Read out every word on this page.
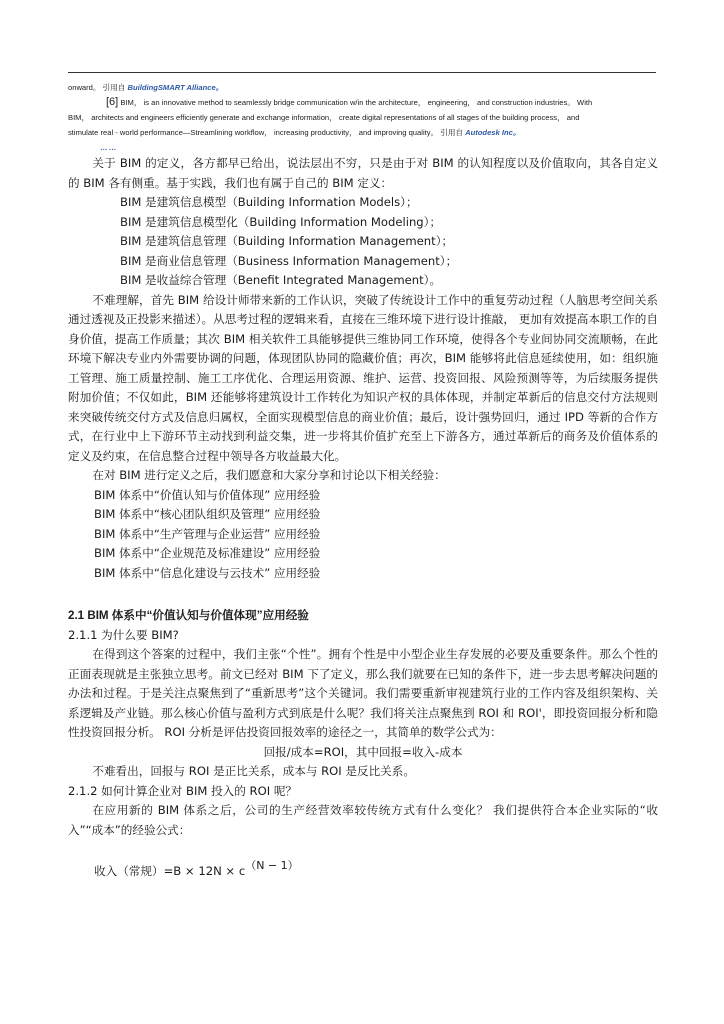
onward。 引用自 BuildingSMART Alliance。
[6] BIM， is an innovative method to seamlessly bridge communication w/in the architecture， engineering， and construction industries。 With
BIM， architects and engineers efficiently generate and exchange information， create digital representations of all stages of the building process， and
stimulate real - world performance—Streamlining workflow， increasing productivity， and improving quality。 引用自 Autodesk Inc。
……

关于 BIM 的定义，各方都早已给出，说法层出不穷，只是由于对 BIM 的认知程度以及价值取向，其各自定义的 BIM 各有侧重。基于实践，我们也有属于自己的 BIM 定义：

BIM 是建筑信息模型（Building Information Models）；
BIM 是建筑信息模型化（Building Information Modeling）；
BIM 是建筑信息管理（Building Information Management）；
BIM 是商业信息管理（Business Information Management）；
BIM 是收益综合管理（Benefit Integrated Management）。

不难理解，首先 BIM 给设计师带来新的工作认识，突破了传统设计工作中的重复劳动过程（人脑思考空间关系通过透视及正投影来描述）。从思考过程的逻辑来看，直接在三维环境下进行设计推敲， 更加有效提高本职工作的自身价值，提高工作质量；其次 BIM 相关软件工具能够提供三维协同工作环境，使得各个专业间协同交流顺畅，在此环境下解决专业内外需要协调的问题，体现团队协同的隐藏价值；再次，BIM 能够将此信息延续使用，如：组织施工管理、施工质量控制、施工工序优化、合理运用资源、维护、运营、投资回报、风险预测等等，为后续服务提供附加价值；不仅如此，BIM 还能够将建筑设计工作转化为知识产权的具体体现，并制定革新后的信息交付方法规则来突破传统交付方式及信息归属权，全面实现模型信息的商业价值；最后，设计强势回归，通过 IPD 等新的合作方式，在行业中上下游环节主动找到利益交集，进一步将其价值扩充至上下游各方，通过革新后的商务及价值体系的定义及约束，在信息整合过程中领导各方收益最大化。

在对 BIM 进行定义之后，我们愿意和大家分享和讨论以下相关经验：

BIM 体系中“价值认知与价值体现” 应用经验
BIM 体系中“核心团队组织及管理” 应用经验
BIM 体系中“生产管理与企业运营” 应用经验
BIM 体系中“企业规范及标准建设” 应用经验
BIM 体系中“信息化建设与云技术” 应用经验
2.1 BIM 体系中“价值认知与价值体现”应用经验
2.1.1 为什么要 BIM?

在得到这个答案的过程中，我们主张“个性”。拥有个性是中小型企业生存发展的必要及重要条件。那么个性的正面表现就是主张独立思考。前文已经对 BIM 下了定义，那么我们就要在已知的条件下，进一步去思考解决问题的办法和过程。于是关注点聚焦到了“重新思考”这个关键词。我们需要重新审视建筑行业的工作内容及组织架构、关系逻辑及产业链。那么核心价值与盈利方式到底是什么呢？我们将关注点聚焦到 ROI 和 ROI'，即投资回报分析和隐性投资回报分析。 ROI 分析是评估投资回报效率的途径之一，其简单的数学公式为：

回报/成本=ROI，其中回报=收入-成本

不难看出，回报与 ROI 是正比关系，成本与 ROI 是反比关系。

2.1.2 如何计算企业对 BIM 投入的 ROI 呢？

在应用新的 BIM 体系之后，公司的生产经营效率较传统方式有什么变化？ 我们提供符合本企业实际的“收入”“成本”的经验公式：

收入（常规）=B × 12N × c（N − 1）
